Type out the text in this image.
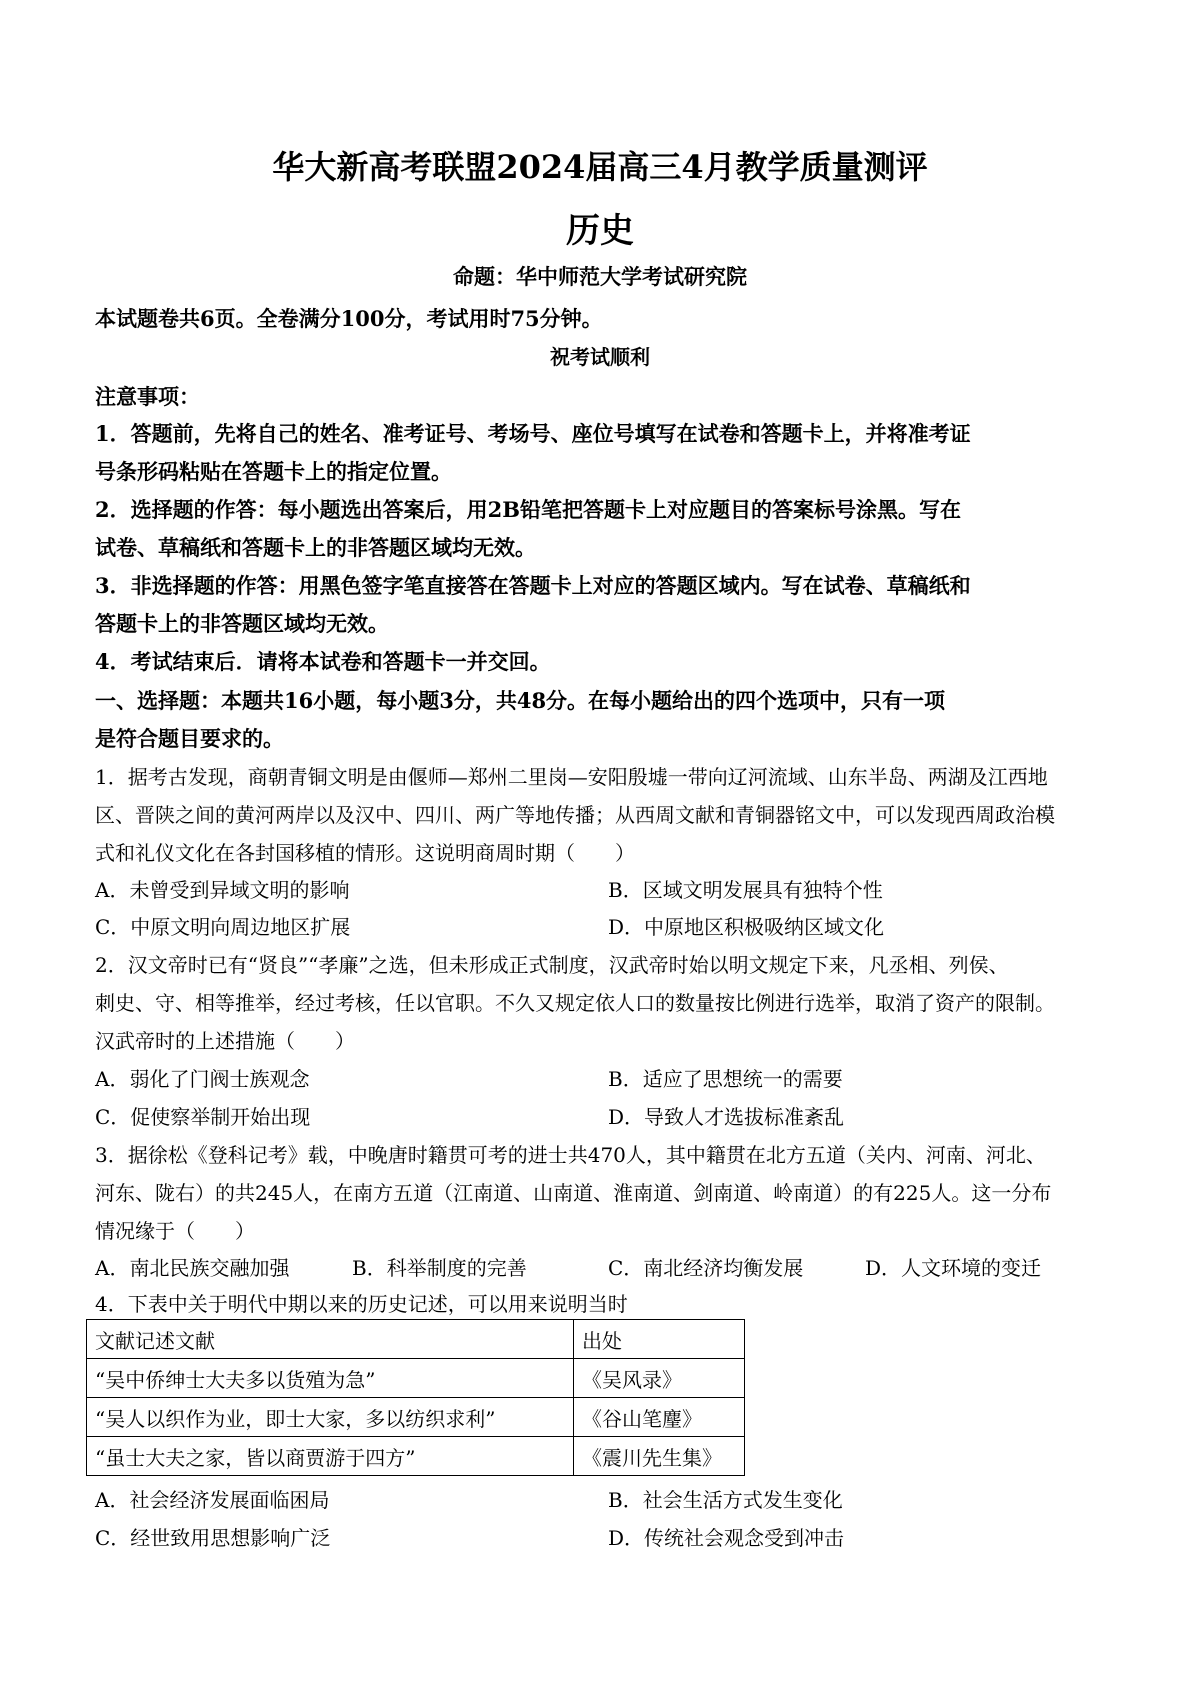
华大新高考联盟2024届高三4月教学质量测评
历史
命题：华中师范大学考试研究院
本试题卷共6页。全卷满分100分，考试用时75分钟。
祝考试顺利
注意事项：
1．答题前，先将自己的姓名、准考证号、考场号、座位号填写在试卷和答题卡上，并将准考证
号条形码粘贴在答题卡上的指定位置。
2．选择题的作答：每小题选出答案后，用2B铅笔把答题卡上对应题目的答案标号涂黑。写在
试卷、草稿纸和答题卡上的非答题区域均无效。
3．非选择题的作答：用黑色签字笔直接答在答题卡上对应的答题区域内。写在试卷、草稿纸和
答题卡上的非答题区域均无效。
4．考试结束后．请将本试卷和答题卡一并交回。
一、选择题：本题共16小题，每小题3分，共48分。在每小题给出的四个选项中，只有一项
是符合题目要求的。
1．据考古发现，商朝青铜文明是由偃师—郑州二里岗—安阳殷墟一带向辽河流域、山东半岛、两湖及江西地
区、晋陕之间的黄河两岸以及汉中、四川、两广等地传播；从西周文献和青铜器铭文中，可以发现西周政治模
式和礼仪文化在各封国移植的情形。这说明商周时期（　　）
A．未曾受到异域文明的影响	B．区域文明发展具有独特个性
C．中原文明向周边地区扩展	D．中原地区积极吸纳区域文化
2．汉文帝时已有“贤良”“孝廉”之选，但未形成正式制度，汉武帝时始以明文规定下来，凡丞相、列侯、
刺史、守、相等推举，经过考核，任以官职。不久又规定依人口的数量按比例进行选举，取消了资产的限制。
汉武帝时的上述措施（　　）
A．弱化了门阀士族观念	B．适应了思想统一的需要
C．促使察举制开始出现	D．导致人才选拔标准紊乱
3．据徐松《登科记考》载，中晚唐时籍贯可考的进士共470人，其中籍贯在北方五道（关内、河南、河北、
河东、陇右）的共245人，在南方五道（江南道、山南道、淮南道、剑南道、岭南道）的有225人。这一分布
情况缘于（　　）
A．南北民族交融加强	B．科举制度的完善	C．南北经济均衡发展	D．人文环境的变迁
4．下表中关于明代中期以来的历史记述，可以用来说明当时
文献记述文献	出处
“吴中侨绅士大夫多以货殖为急”	《吴风录》
“吴人以织作为业，即士大家，多以纺织求利”	《谷山笔麈》
“虽士大夫之家，皆以商贾游于四方”	《震川先生集》
A．社会经济发展面临困局	B．社会生活方式发生变化
C．经世致用思想影响广泛	D．传统社会观念受到冲击
